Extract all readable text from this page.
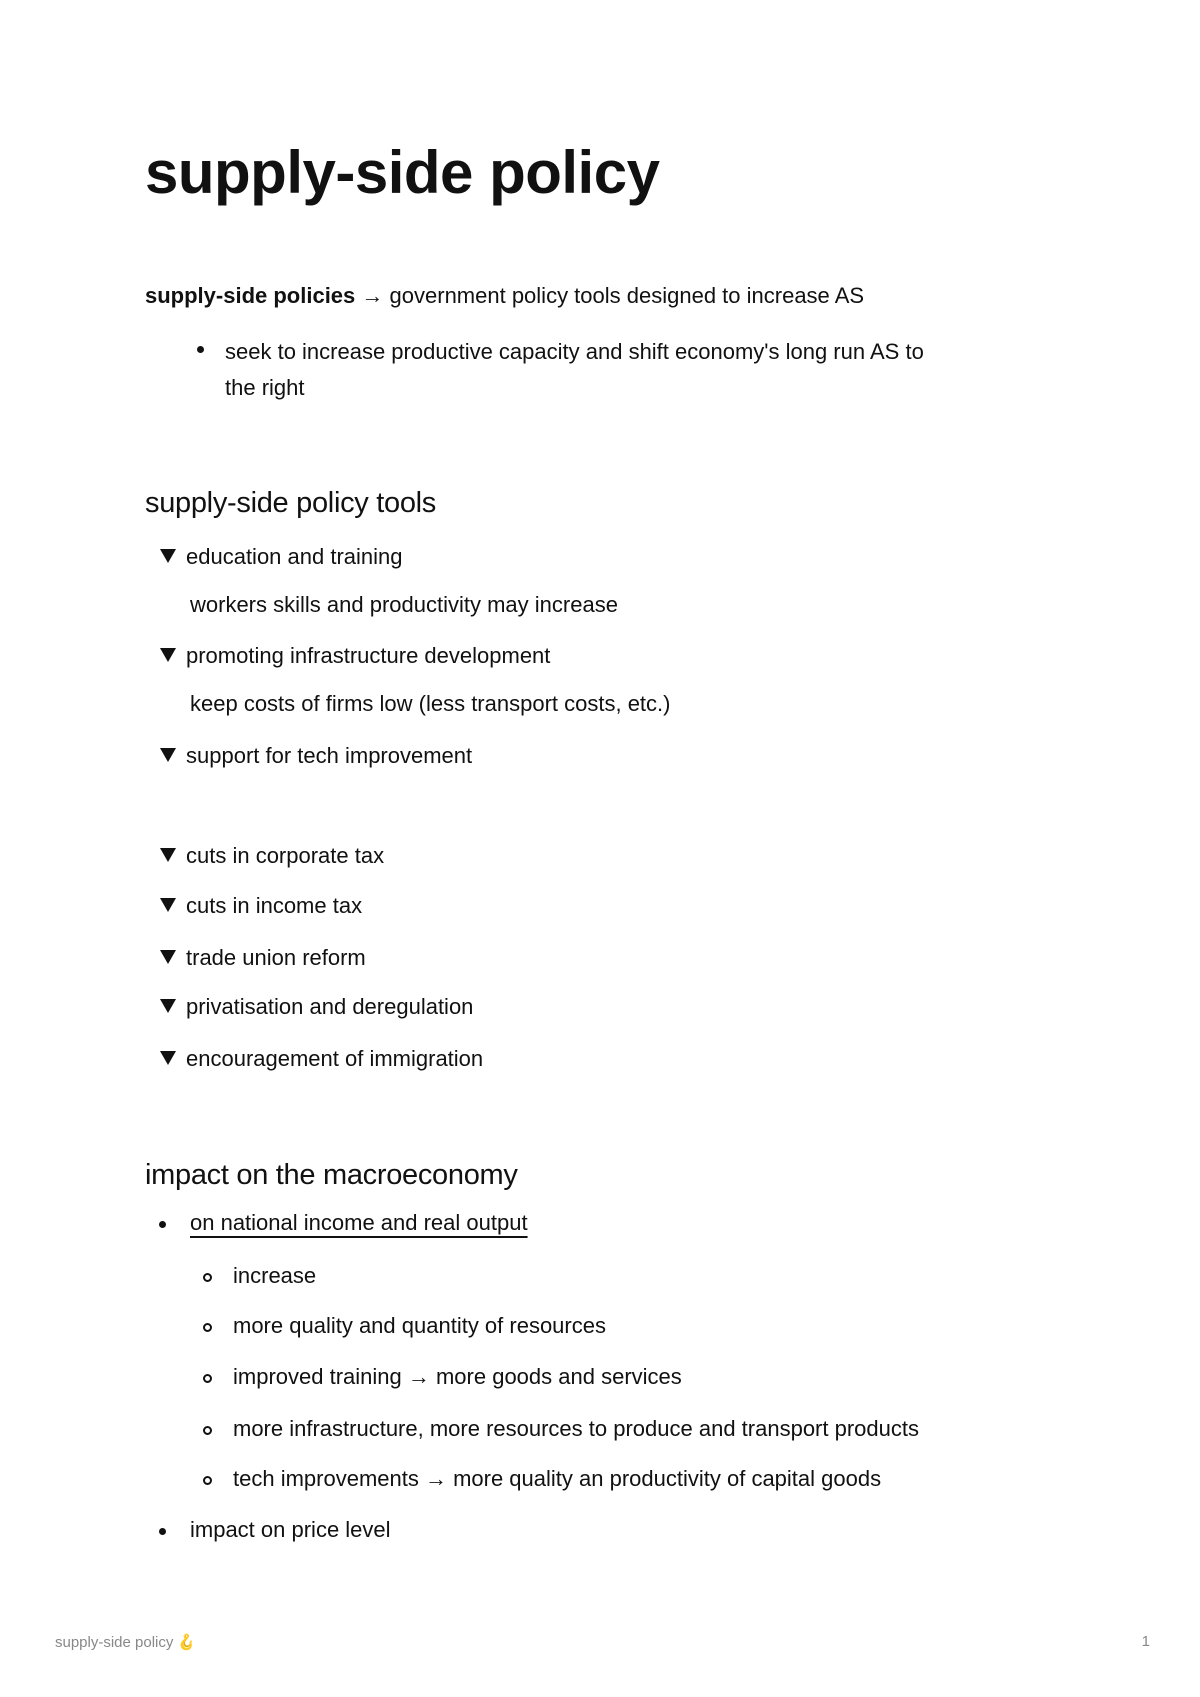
supply-side policy

supply-side policies → government policy tools designed to increase AS

seek to increase productive capacity and shift economy's long run AS to
the right
supply-side policy tools
education and training
workers skills and productivity may increase
promoting infrastructure development
keep costs of firms low (less transport costs, etc.)
support for tech improvement
cuts in corporate tax
cuts in income tax
trade union reform
privatisation and deregulation
encouragement of immigration
impact on the macroeconomy
on national income and real output
increase
more quality and quantity of resources
improved training → more goods and services
more infrastructure, more resources to produce and transport products
tech improvements → more quality an productivity of capital goods
impact on price level
supply-side policy 🪝	1
